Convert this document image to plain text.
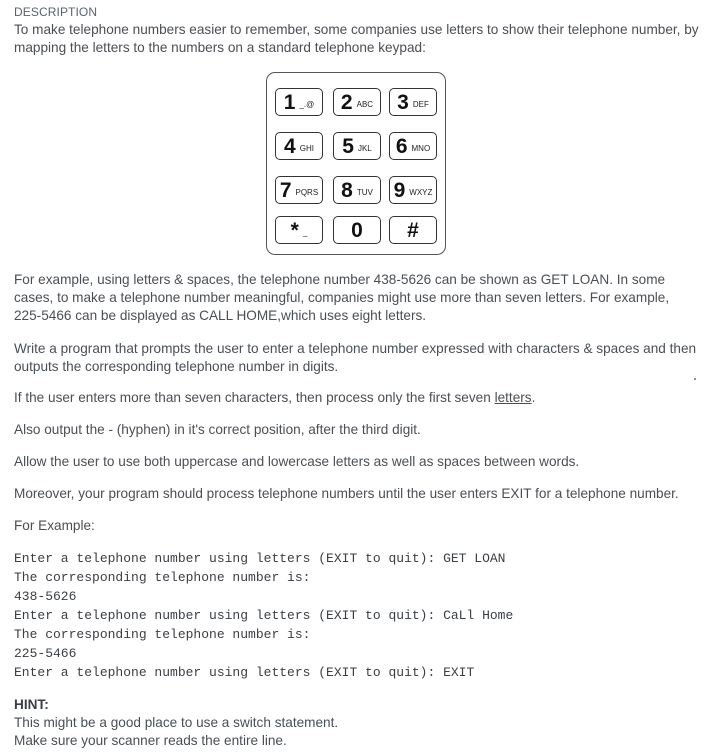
DESCRIPTION
To make telephone numbers easier to remember, some companies use letters to show their telephone number, by mapping the letters to the numbers on a standard telephone keypad:
1 _.@ 2 ABC 3 DEF
4 GHI 5 JKL 6 MNO
7 PQRS 8 TUV 9 WXYZ
* _ 0 #
For example, using letters & spaces, the telephone number 438-5626 can be shown as GET LOAN. In some cases, to make a telephone number meaningful, companies might use more than seven letters. For example, 225-5466 can be displayed as CALL HOME,which uses eight letters.
Write a program that prompts the user to enter a telephone number expressed with characters & spaces and then outputs the corresponding telephone number in digits.
If the user enters more than seven characters, then process only the first seven letters.
Also output the - (hyphen) in it's correct position, after the third digit.
Allow the user to use both uppercase and lowercase letters as well as spaces between words.
Moreover, your program should process telephone numbers until the user enters EXIT for a telephone number.
For Example:
Enter a telephone number using letters (EXIT to quit): GET LOAN
The corresponding telephone number is:
438-5626
Enter a telephone number using letters (EXIT to quit): CaLl Home
The corresponding telephone number is:
225-5466
Enter a telephone number using letters (EXIT to quit): EXIT
HINT:
This might be a good place to use a switch statement.
Make sure your scanner reads the entire line.
